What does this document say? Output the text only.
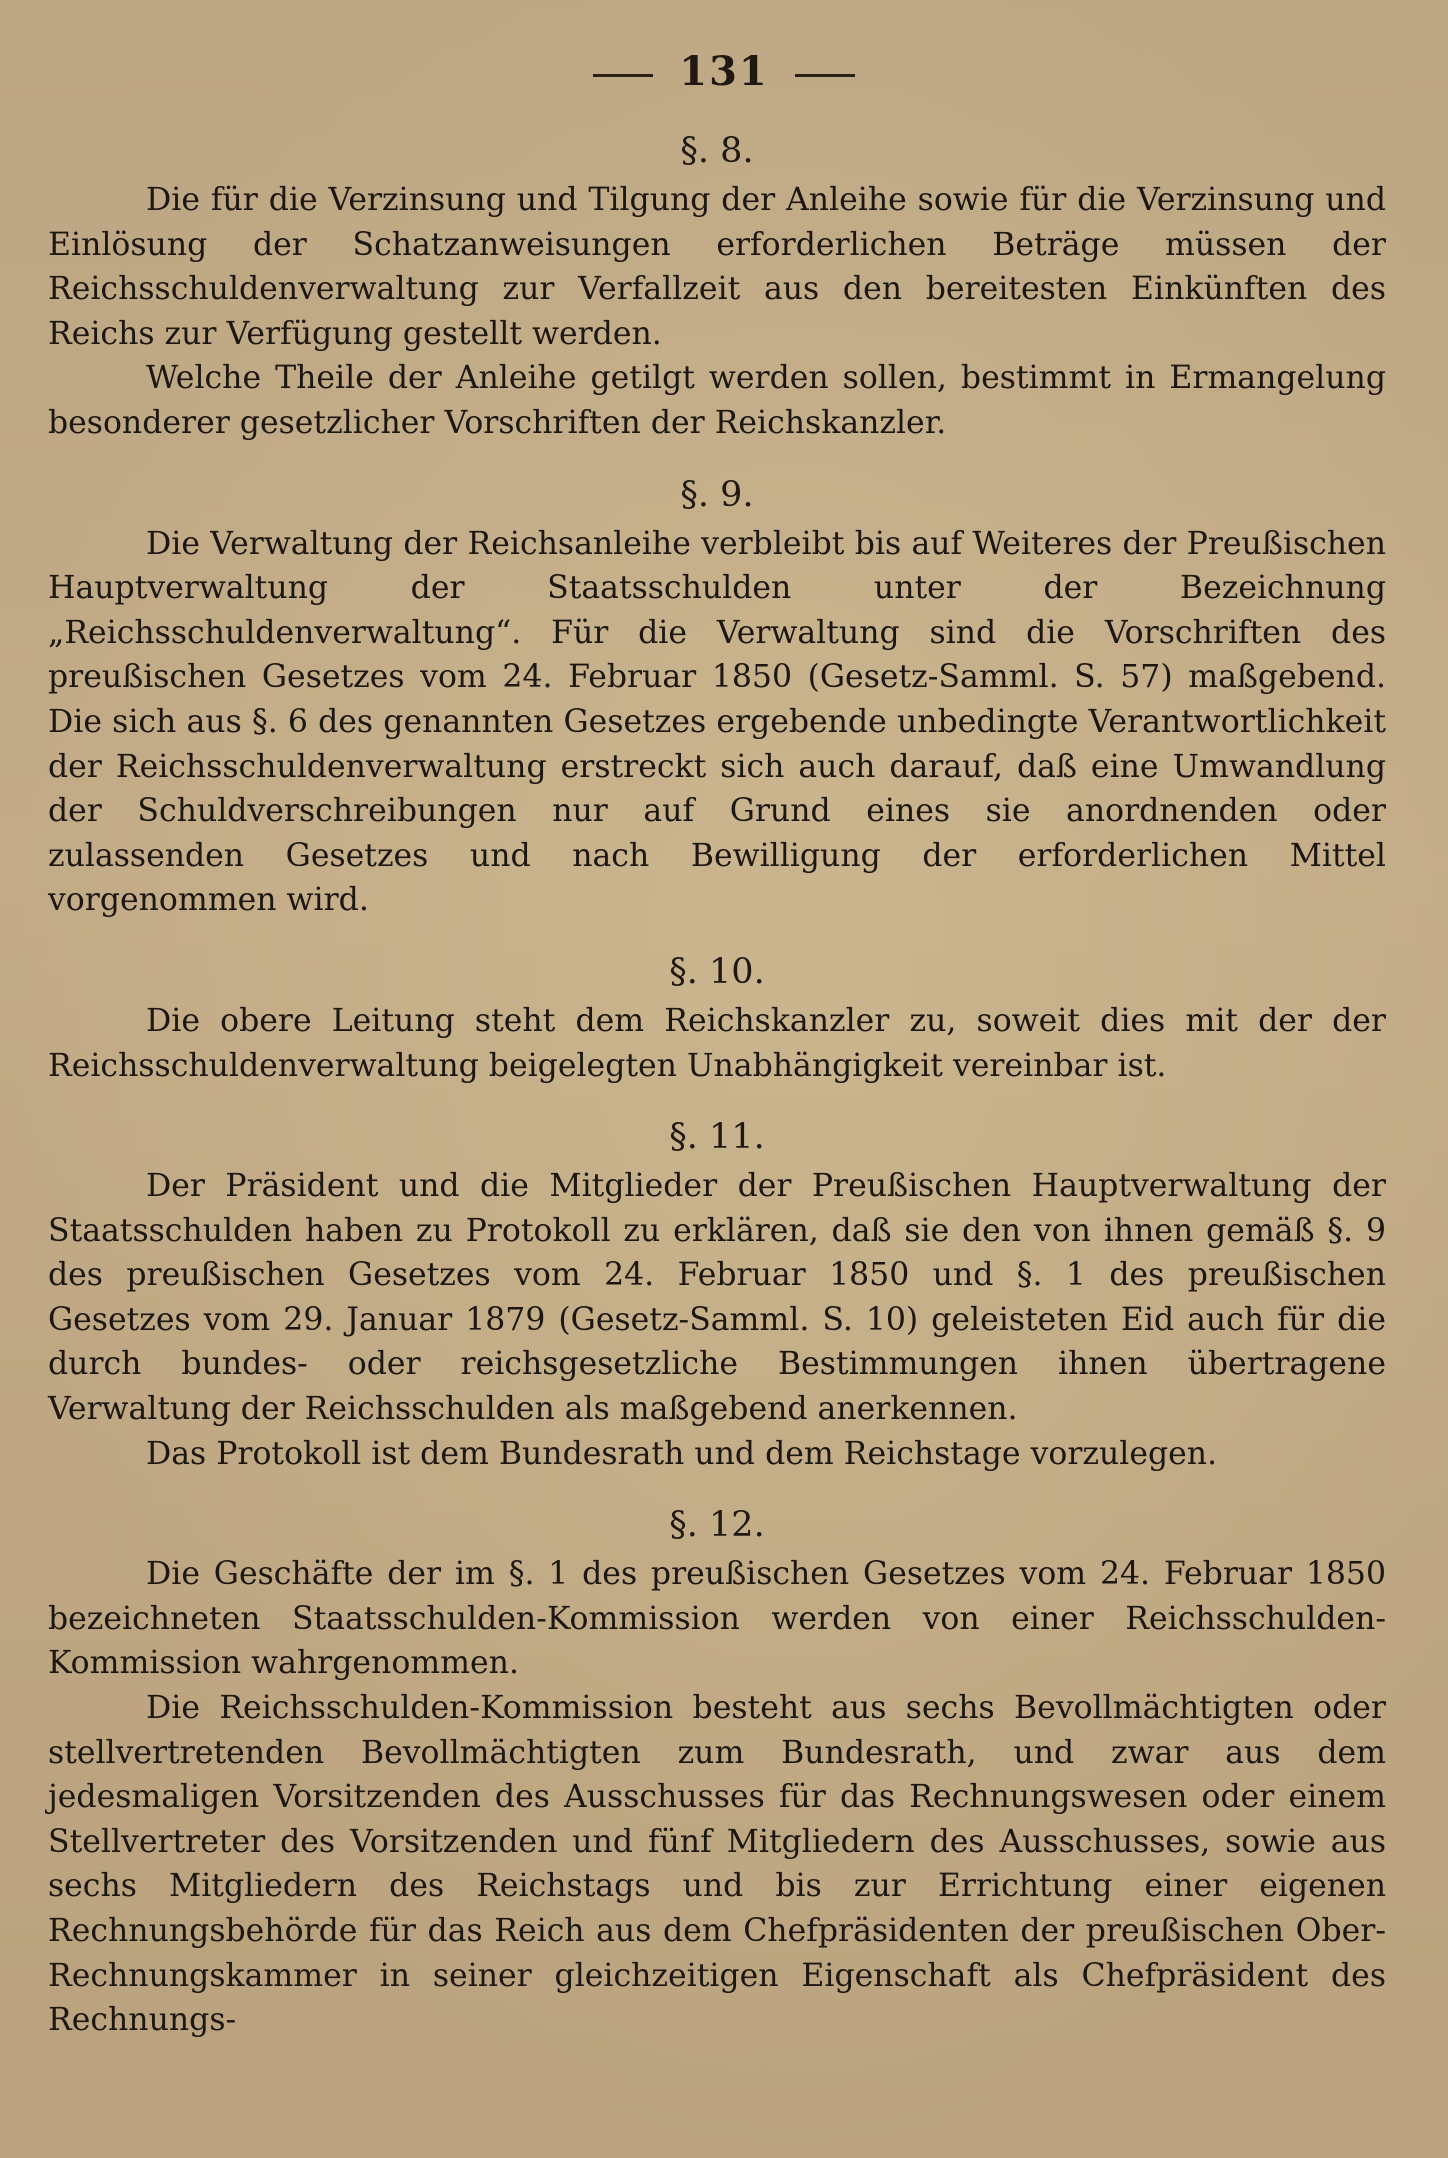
131
§. 8.

Die für die Verzinsung und Tilgung der Anleihe sowie für die Verzinsung und Einlösung der Schatzanweisungen erforderlichen Beträge müssen der Reichsschuldenverwaltung zur Verfallzeit aus den bereitesten Einkünften des Reichs zur Verfügung gestellt werden.

Welche Theile der Anleihe getilgt werden sollen, bestimmt in Ermangelung besonderer gesetzlicher Vorschriften der Reichskanzler.

§. 9.

Die Verwaltung der Reichsanleihe verbleibt bis auf Weiteres der Preußischen Hauptverwaltung der Staatsschulden unter der Bezeichnung „Reichsschuldenverwaltung“. Für die Verwaltung sind die Vorschriften des preußischen Gesetzes vom 24. Februar 1850 (Gesetz-Samml. S. 57) maßgebend. Die sich aus §. 6 des genannten Gesetzes ergebende unbedingte Verantwortlichkeit der Reichsschuldenverwaltung erstreckt sich auch darauf, daß eine Umwandlung der Schuldverschreibungen nur auf Grund eines sie anordnenden oder zulassenden Gesetzes und nach Bewilligung der erforderlichen Mittel vorgenommen wird.

§. 10.

Die obere Leitung steht dem Reichskanzler zu, soweit dies mit der der Reichsschuldenverwaltung beigelegten Unabhängigkeit vereinbar ist.

§. 11.

Der Präsident und die Mitglieder der Preußischen Hauptverwaltung der Staatsschulden haben zu Protokoll zu erklären, daß sie den von ihnen gemäß §. 9 des preußischen Gesetzes vom 24. Februar 1850 und §. 1 des preußischen Gesetzes vom 29. Januar 1879 (Gesetz-Samml. S. 10) geleisteten Eid auch für die durch bundes- oder reichsgesetzliche Bestimmungen ihnen übertragene Verwaltung der Reichsschulden als maßgebend anerkennen.

Das Protokoll ist dem Bundesrath und dem Reichstage vorzulegen.

§. 12.

Die Geschäfte der im §. 1 des preußischen Gesetzes vom 24. Februar 1850 bezeichneten Staatsschulden-Kommission werden von einer Reichsschulden-Kommission wahrgenommen.

Die Reichsschulden-Kommission besteht aus sechs Bevollmächtigten oder stellvertretenden Bevollmächtigten zum Bundesrath, und zwar aus dem jedesmaligen Vorsitzenden des Ausschusses für das Rechnungswesen oder einem Stellvertreter des Vorsitzenden und fünf Mitgliedern des Ausschusses, sowie aus sechs Mitgliedern des Reichstags und bis zur Errichtung einer eigenen Rechnungsbehörde für das Reich aus dem Chefpräsidenten der preußischen Ober-Rechnungskammer in seiner gleichzeitigen Eigenschaft als Chefpräsident des Rechnungs-
